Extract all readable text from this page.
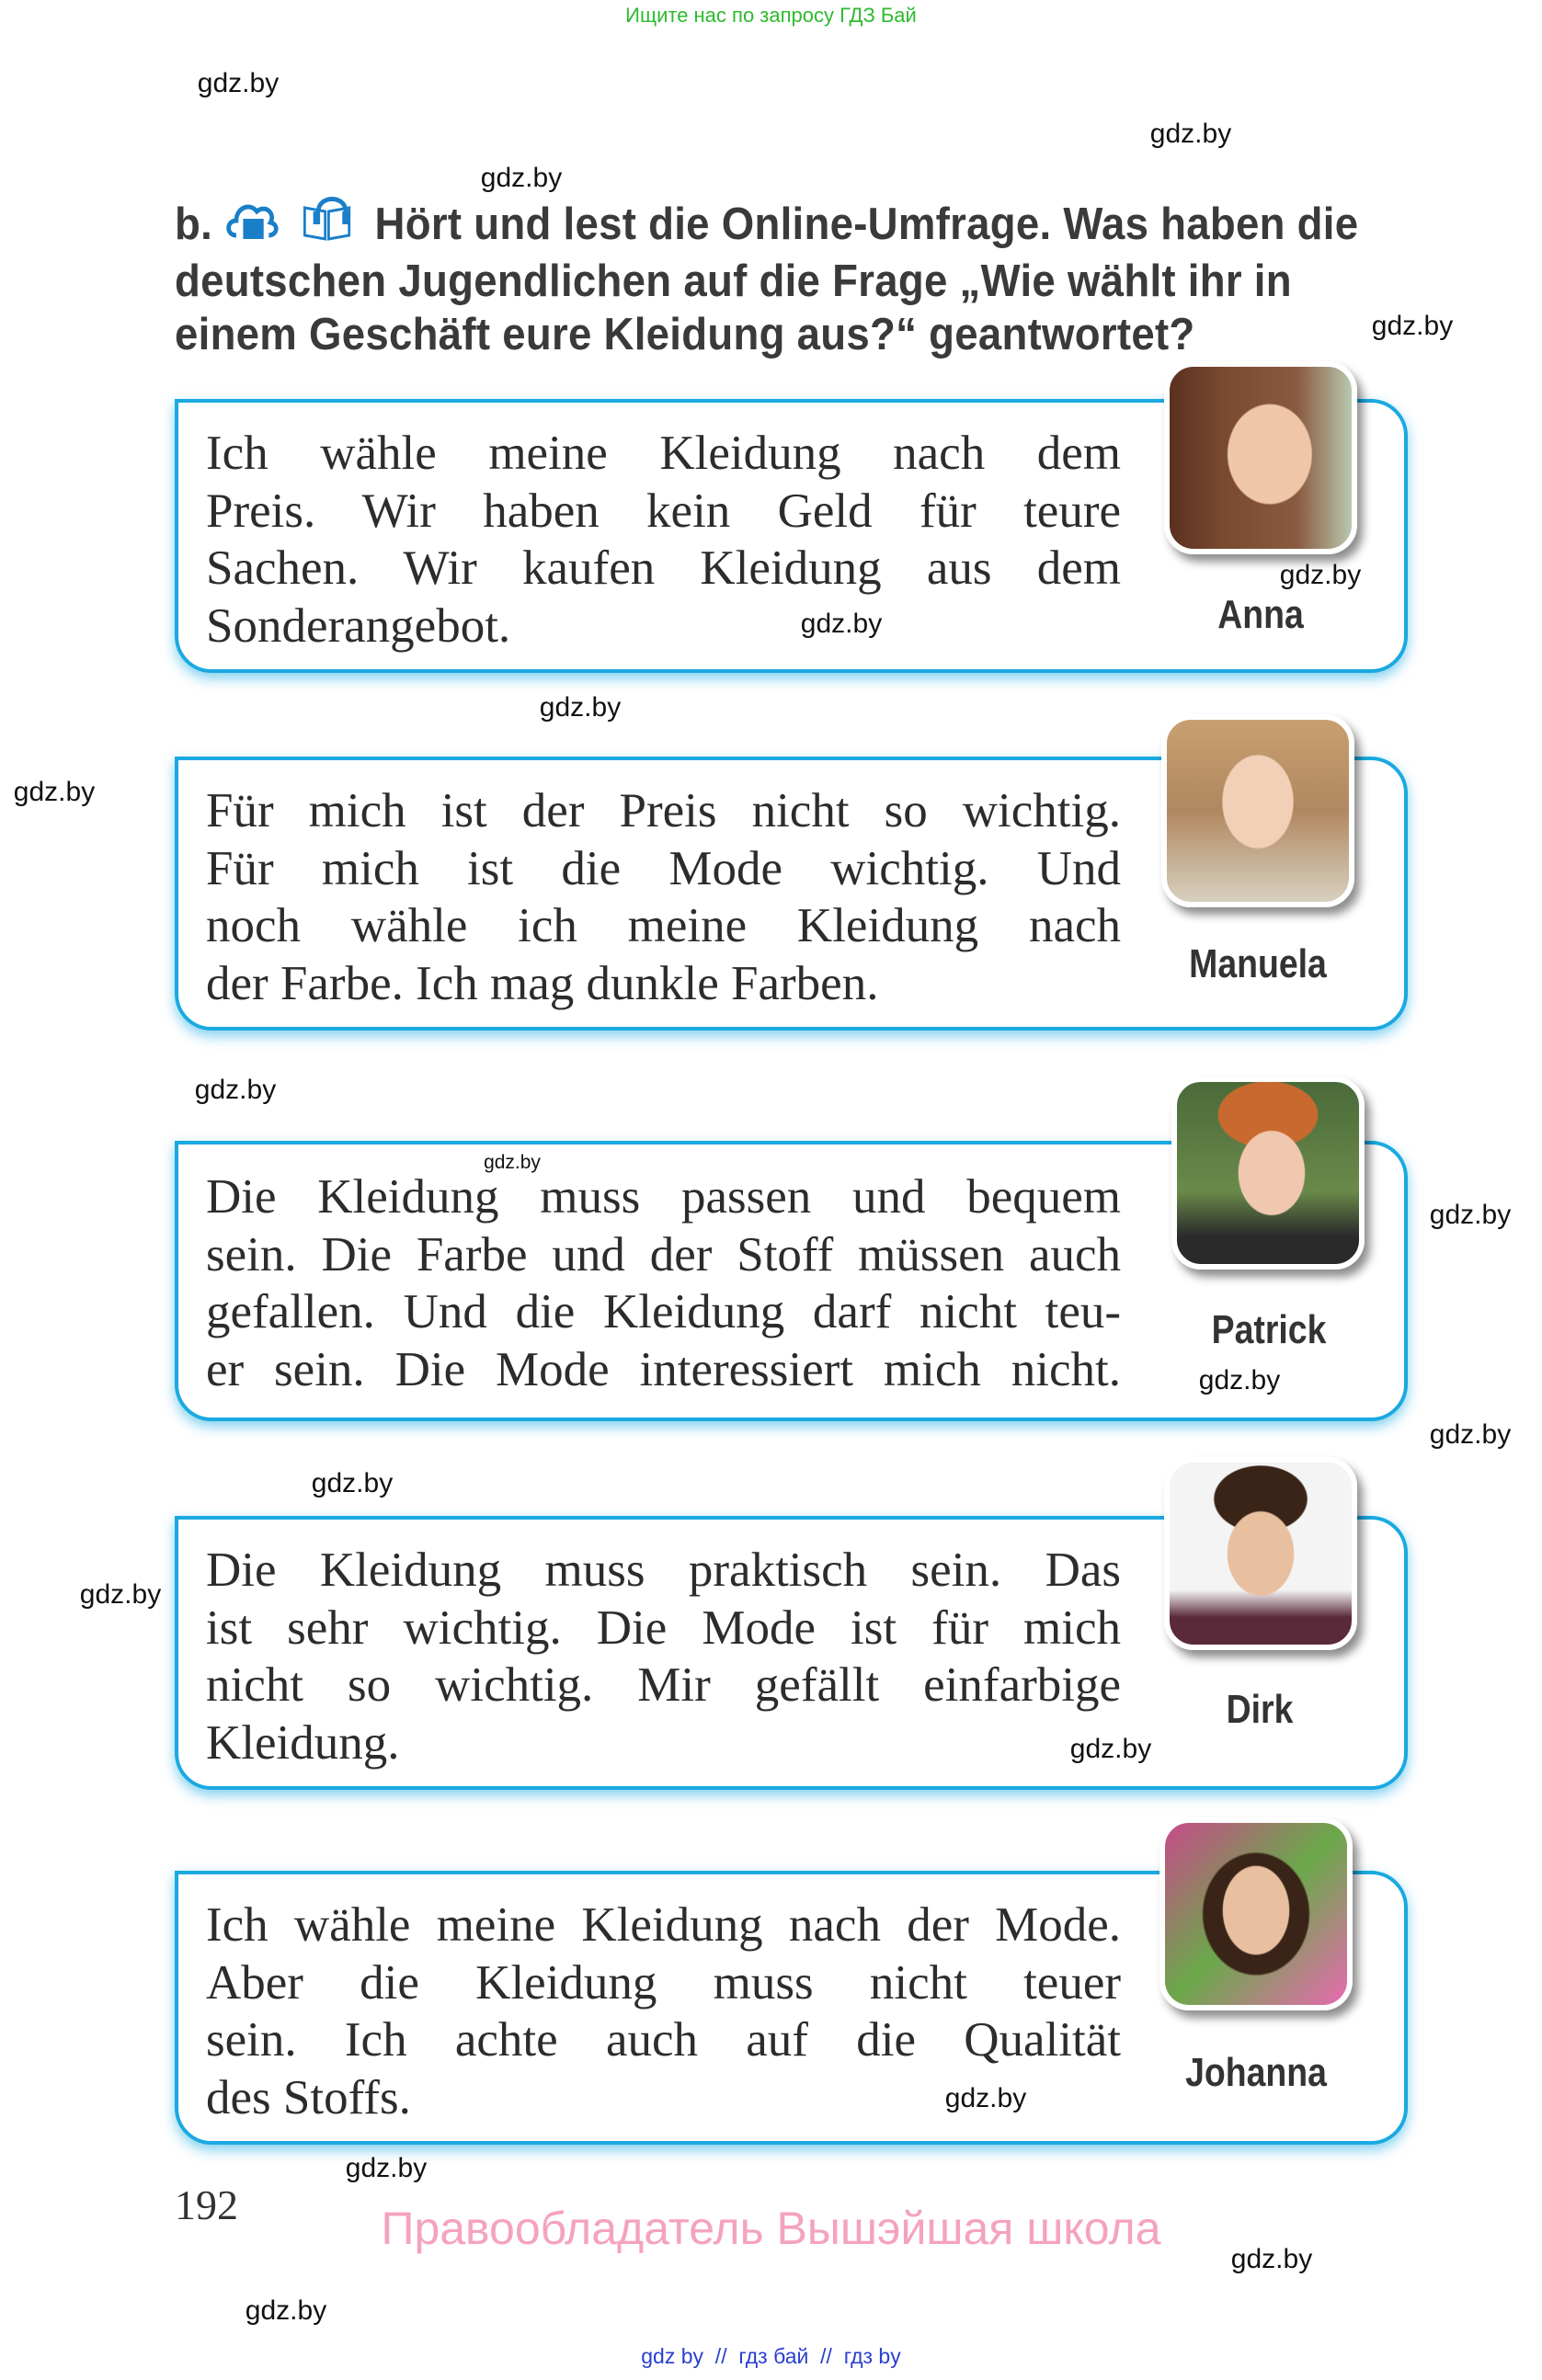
Ищите нас по запросу ГДЗ Бай
b.	Hört und lest die Online-Umfrage. Was haben die deutschen Jugendlichen auf die Frage „Wie wählt ihr in einem Geschäft eure Kleidung aus?“ geantwortet?
Ich wähle meine Kleidung nach dem
Preis. Wir haben kein Geld für teure
Sachen. Wir kaufen Kleidung aus dem
Sonderangebot.
Für mich ist der Preis nicht so wichtig.
Für mich ist die Mode wichtig. Und
noch wähle ich meine Kleidung nach
der Farbe. Ich mag dunkle Farben.
Die Kleidung muss passen und bequem
sein. Die Farbe und der Stoff müssen auch
gefallen. Und die Kleidung darf nicht teu-
er sein. Die Mode interessiert mich nicht.
Die Kleidung muss praktisch sein. Das
ist sehr wichtig. Die Mode ist für mich
nicht so wichtig. Mir gefällt einfarbige
Kleidung.
Ich wähle meine Kleidung nach der Mode.
Aber die Kleidung muss nicht teuer
sein. Ich achte auch auf die Qualität
des Stoffs.
Anna
Manuela
Patrick
Dirk
Johanna
gdz.by
gdz.by
gdz.by
gdz.by
gdz.by
gdz.by
gdz.by
gdz.by
gdz.by
gdz.by
gdz.by
gdz.by
gdz.by
gdz.by
gdz.by
gdz.by
gdz.by
gdz.by
gdz.by
gdz.by
192	Правообладатель Вышэйшая школа
gdz by  //  гдз бай  //  гдз by
